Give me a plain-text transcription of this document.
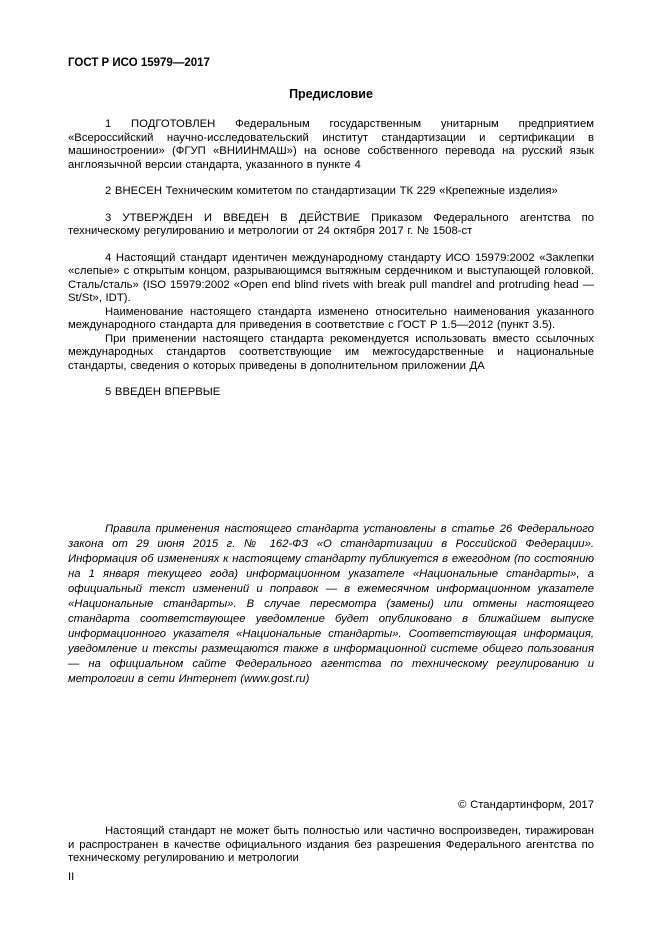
ГОСТ Р ИСО 15979—2017
Предисловие

1 ПОДГОТОВЛЕН Федеральным государственным унитарным предприятием «Всероссийский научно-исследовательский институт стандартизации и сертификации в машиностроении» (ФГУП «ВНИИНМАШ») на основе собственного перевода на русский язык англоязычной версии стандарта, указанного в пункте 4

2 ВНЕСЕН Техническим комитетом по стандартизации ТК 229 «Крепежные изделия»

3 УТВЕРЖДЕН И ВВЕДЕН В ДЕЙСТВИЕ Приказом Федерального агентства по техническому регулированию и метрологии от 24 октября 2017 г. № 1508-ст

4 Настоящий стандарт идентичен международному стандарту ИСО 15979:2002 «Заклепки «слепые» с открытым концом, разрывающимся вытяжным сердечником и выступающей головкой. Сталь/сталь» (ISO 15979:2002 «Open end blind rivets with break pull mandrel and protruding head — St/St», IDT).

Наименование настоящего стандарта изменено относительно наименования указанного международного стандарта для приведения в соответствие с ГОСТ Р 1.5—2012 (пункт 3.5).

При применении настоящего стандарта рекомендуется использовать вместо ссылочных международных стандартов соответствующие им межгосударственные и национальные стандарты, сведения о которых приведены в дополнительном приложении ДА

5 ВВЕДЕН ВПЕРВЫЕ

Правила применения настоящего стандарта установлены в статье 26 Федерального закона от 29 июня 2015 г. № 162-ФЗ «О стандартизации в Российской Федерации». Информация об изменениях к настоящему стандарту публикуется в ежегодном (по состоянию на 1 января текущего года) информационном указателе «Национальные стандарты», а официальный текст изменений и поправок — в ежемесячном информационном указателе «Национальные стандарты». В случае пересмотра (замены) или отмены настоящего стандарта соответствующее уведомление будет опубликовано в ближайшем выпуске информационного указателя «Национальные стандарты». Соответствующая информация, уведомление и тексты размещаются также в информационной системе общего пользования — на официальном сайте Федерального агентства по техническому регулированию и метрологии в сети Интернет (www.gost.ru)

© Стандартинформ, 2017

Настоящий стандарт не может быть полностью или частично воспроизведен, тиражирован и распространен в качестве официального издания без разрешения Федерального агентства по техническому регулированию и метрологии

II
